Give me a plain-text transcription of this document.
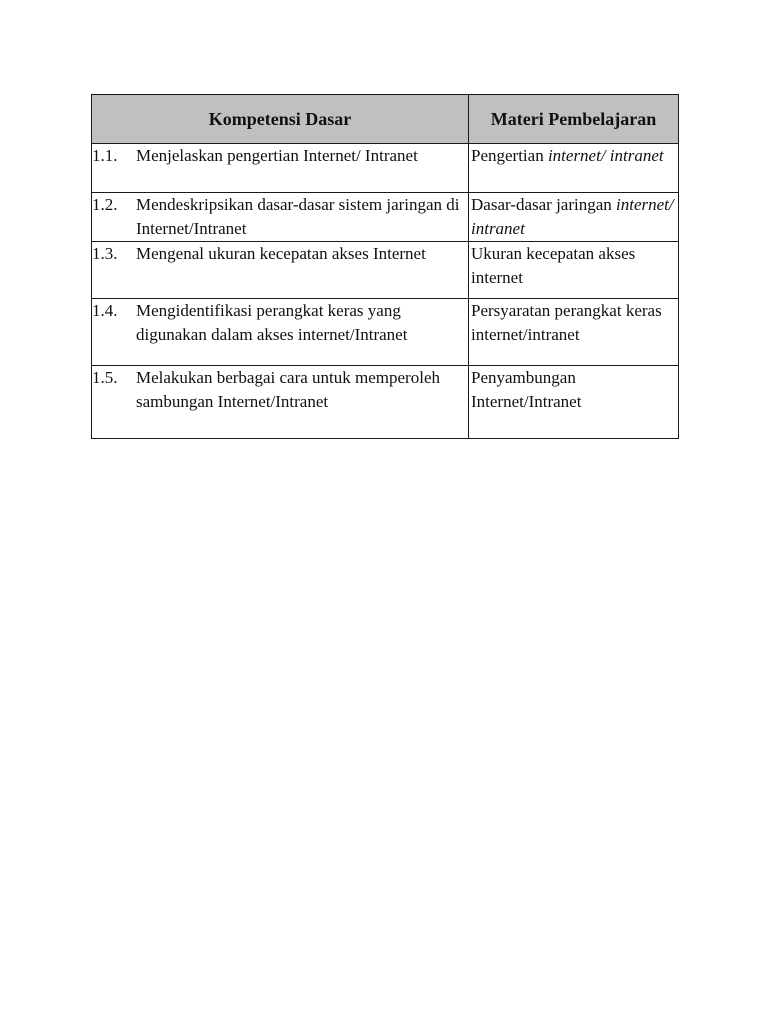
Kompetensi Dasar	Materi Pembelajaran

1.1. Menjelaskan pengertian Internet/ Intranet	Pengertian internet/ intranet

1.2. Mendeskripsikan dasar-dasar sistem jaringan di Internet/Intranet	Dasar-dasar jaringan internet/ intranet

1.3. Mengenal ukuran kecepatan akses Internet	Ukuran kecepatan akses internet

1.4. Mengidentifikasi perangkat keras yang digunakan dalam akses internet/Intranet	Persyaratan perangkat keras internet/intranet

1.5. Melakukan berbagai cara untuk memperoleh sambungan Internet/Intranet	Penyambungan Internet/Intranet
